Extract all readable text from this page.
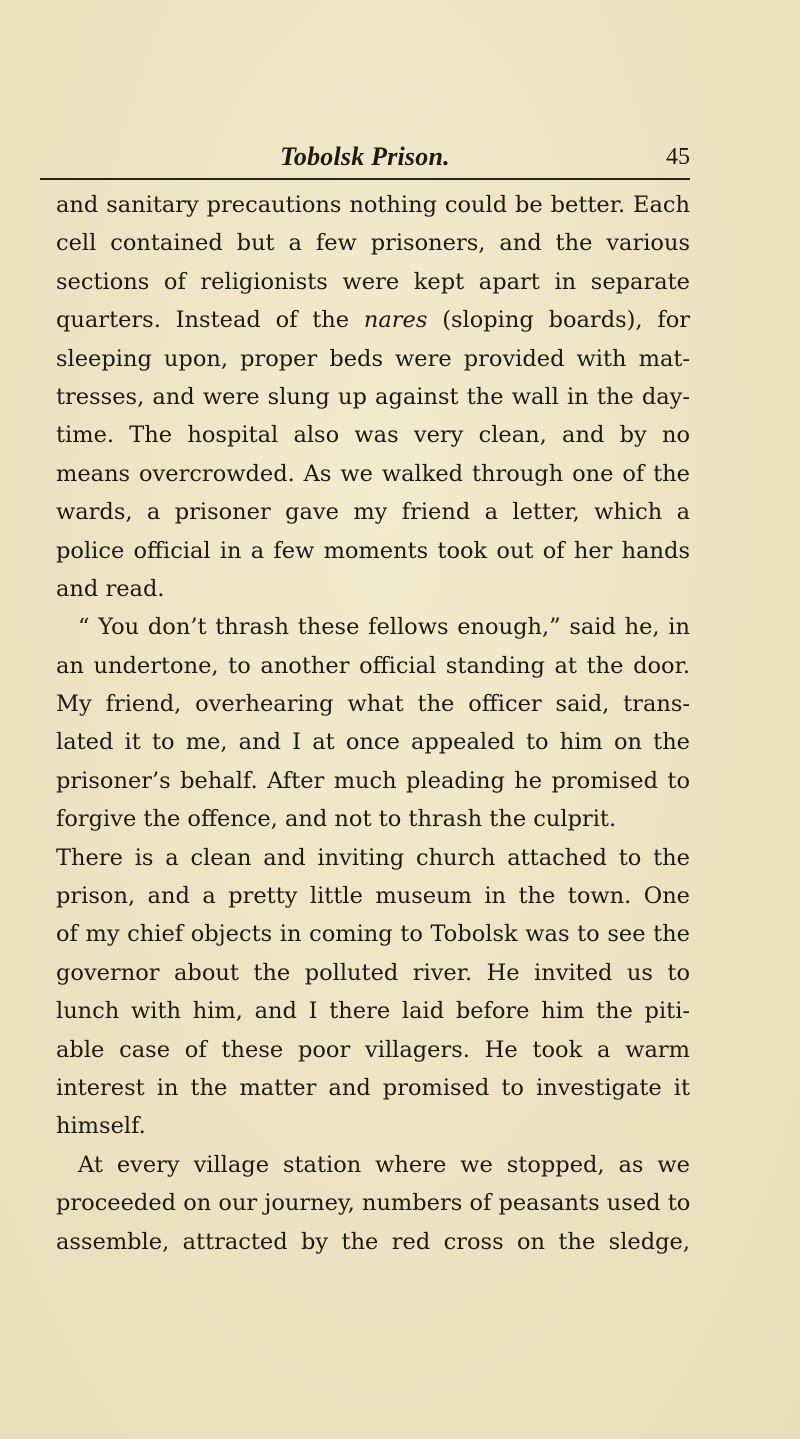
Tobolsk Prison.	45
and sanitary precautions nothing could be better. Each
cell contained but a few prisoners, and the various
sections of religionists were kept apart in separate
quarters. Instead of the nares (sloping boards), for
sleeping upon, proper beds were provided with mat-
tresses, and were slung up against the wall in the day-
time. The hospital also was very clean, and by no
means overcrowded. As we walked through one of the
wards, a prisoner gave my friend a letter, which a
police official in a few moments took out of her hands
and read.
“ You don’t thrash these fellows enough,” said he, in
an undertone, to another official standing at the door.
My friend, overhearing what the officer said, trans-
lated it to me, and I at once appealed to him on the
prisoner’s behalf. After much pleading he promised to
forgive the offence, and not to thrash the culprit.
There is a clean and inviting church attached to the
prison, and a pretty little museum in the town. One
of my chief objects in coming to Tobolsk was to see the
governor about the polluted river. He invited us to
lunch with him, and I there laid before him the piti-
able case of these poor villagers. He took a warm
interest in the matter and promised to investigate it
himself.
At every village station where we stopped, as we
proceeded on our journey, numbers of peasants used to
assemble, attracted by the red cross on the sledge,
